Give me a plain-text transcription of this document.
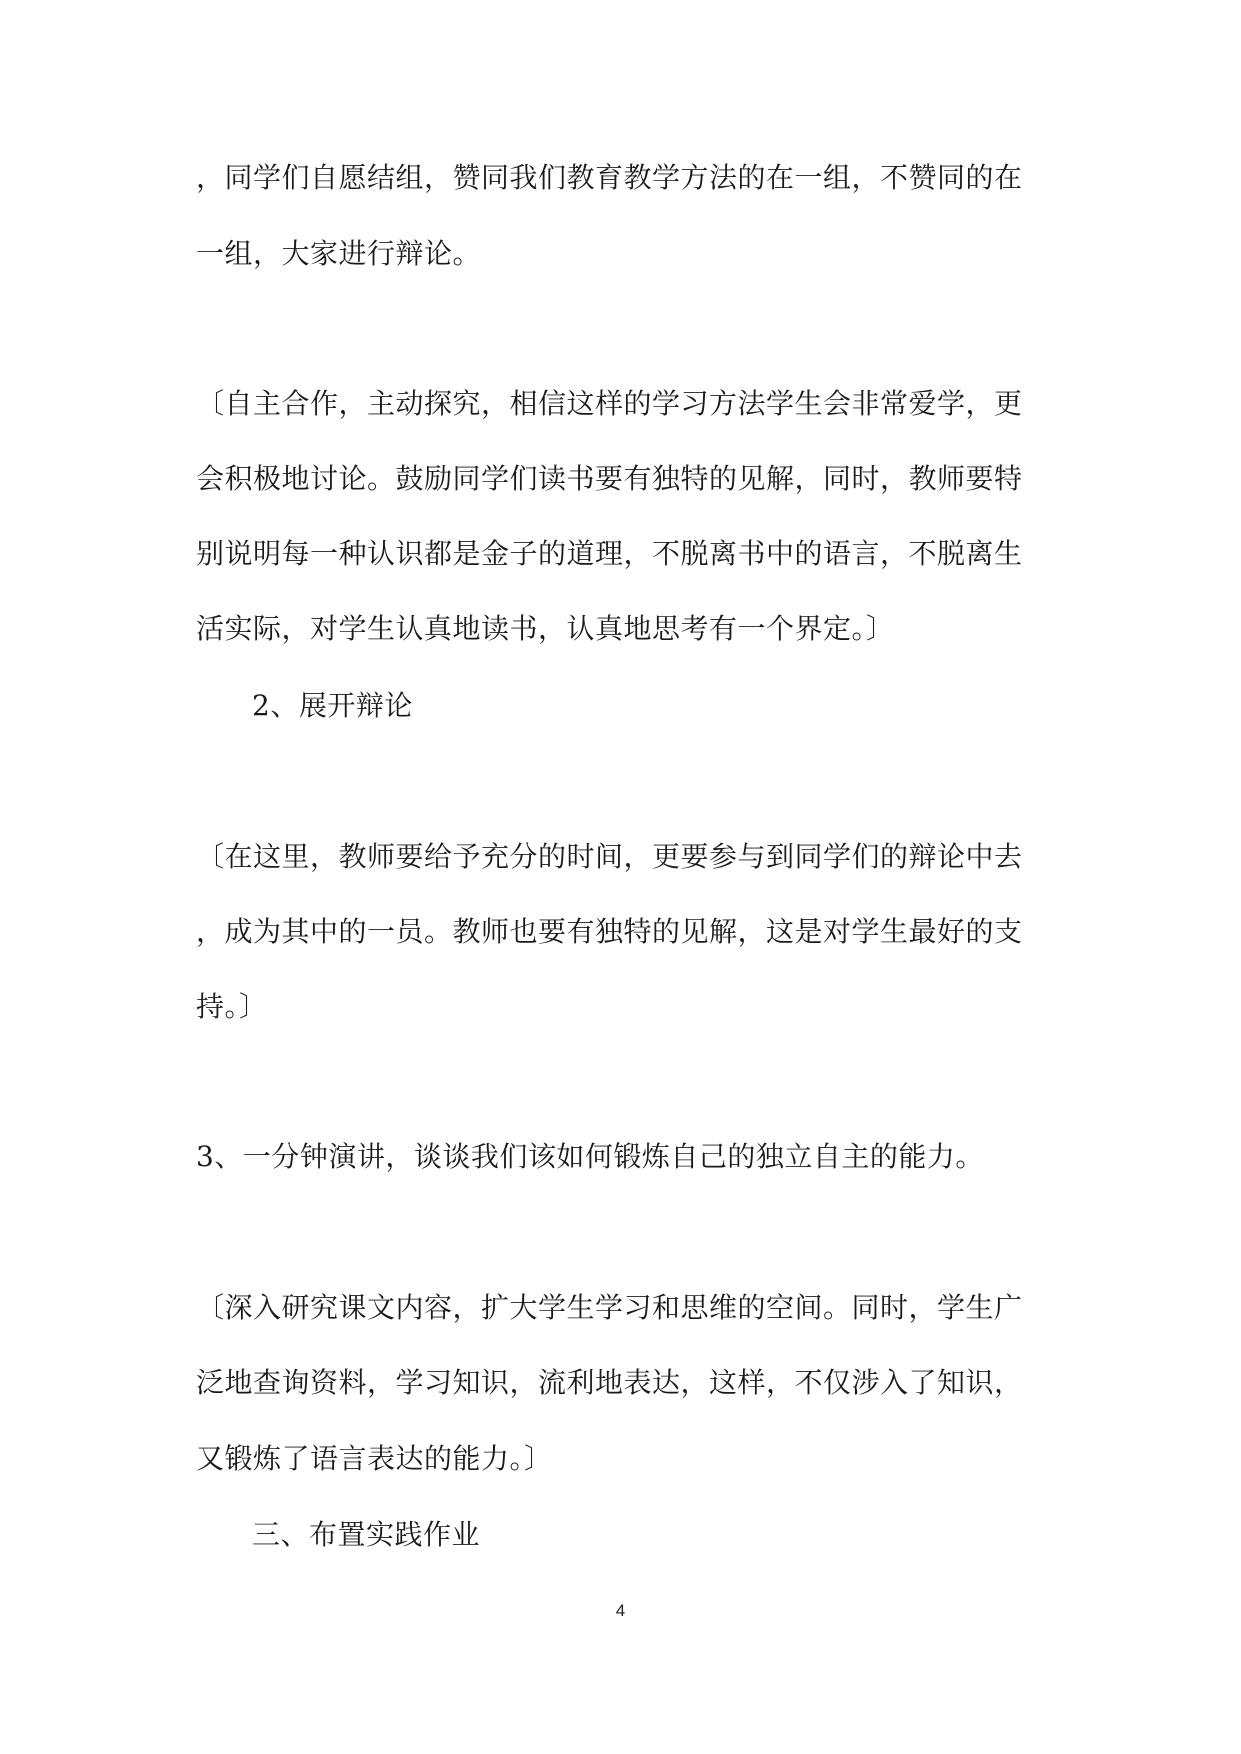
，同学们自愿结组，赞同我们教育教学方法的在一组，不赞同的在
一组，大家进行辩论。
〔自主合作，主动探究，相信这样的学习方法学生会非常爱学，更
会积极地讨论。鼓励同学们读书要有独特的见解，同时，教师要特
别说明每一种认识都是金子的道理，不脱离书中的语言，不脱离生
活实际，对学生认真地读书，认真地思考有一个界定。〕
2、展开辩论
〔在这里，教师要给予充分的时间，更要参与到同学们的辩论中去
，成为其中的一员。教师也要有独特的见解，这是对学生最好的支
持。〕
3、一分钟演讲，谈谈我们该如何锻炼自己的独立自主的能力。
〔深入研究课文内容，扩大学生学习和思维的空间。同时，学生广
泛地查询资料，学习知识，流利地表达，这样，不仅涉入了知识，
又锻炼了语言表达的能力。〕
三、布置实践作业
4
